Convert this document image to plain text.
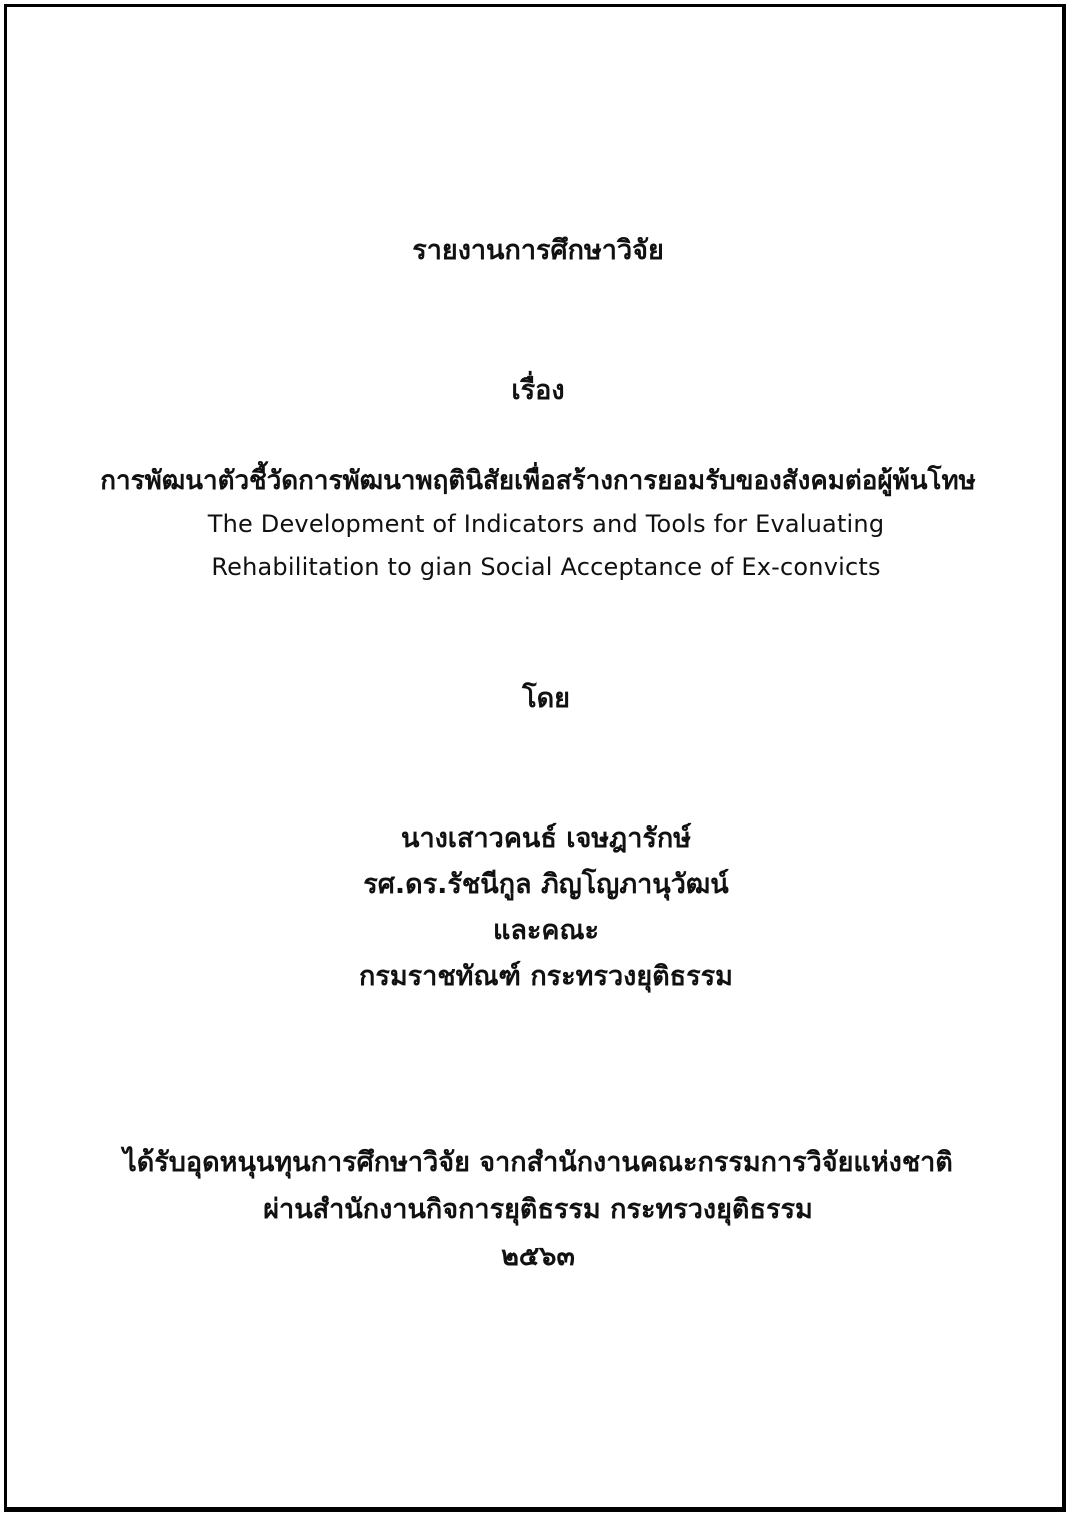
รายงานการศึกษาวิจัย
เรื่อง
การพัฒนาตัวชี้วัดการพัฒนาพฤตินิสัยเพื่อสร้างการยอมรับของสังคมต่อผู้พ้นโทษ
The Development of Indicators and Tools for Evaluating
Rehabilitation to gian Social Acceptance of Ex-convicts
โดย
นางเสาวคนธ์ เจษฎารักษ์
รศ.ดร.รัชนีกูล ภิญโญภานุวัฒน์
และคณะ
กรมราชทัณฑ์ กระทรวงยุติธรรม
ได้รับอุดหนุนทุนการศึกษาวิจัย จากสำนักงานคณะกรรมการวิจัยแห่งชาติ
ผ่านสำนักงานกิจการยุติธรรม กระทรวงยุติธรรม
๒๕๖๓
